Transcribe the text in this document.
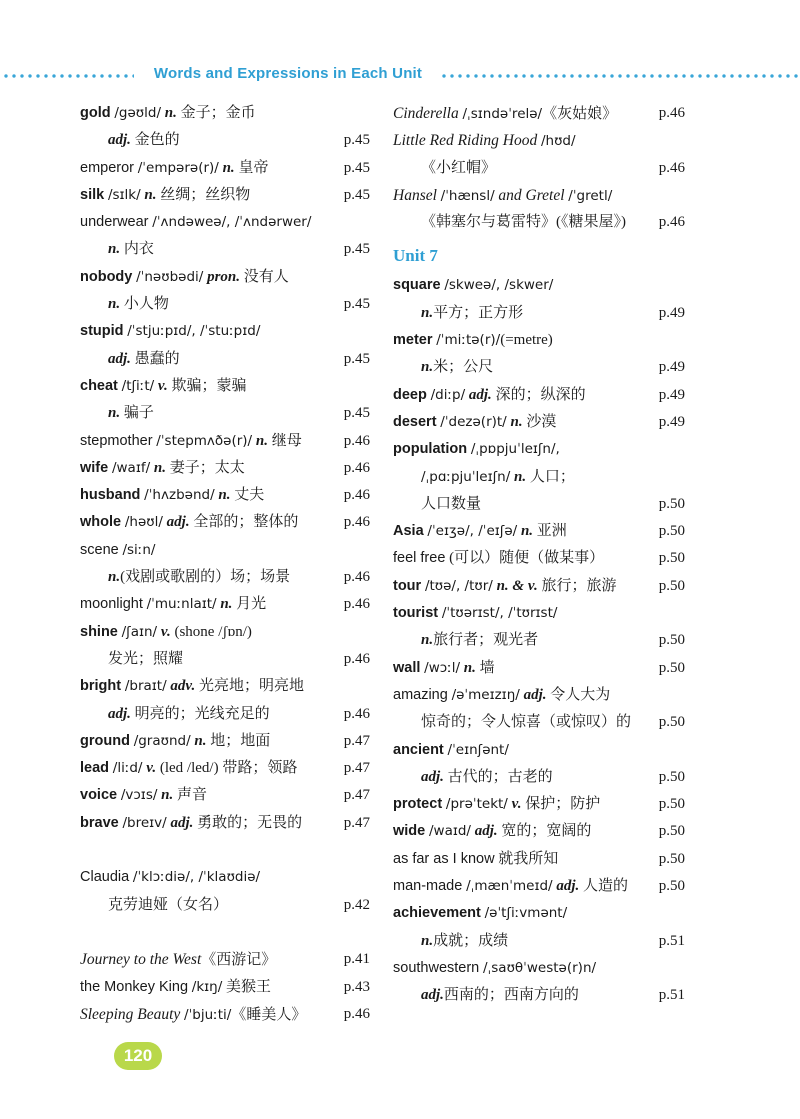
Words and Expressions in Each Unit
gold /gəʊld/ n. 金子；金币
adj. 金色的	p.45
emperor /ˈempərə(r)/ n. 皇帝	p.45
silk /sɪlk/ n. 丝绸；丝织物	p.45
underwear /ˈʌndəweə/, /ˈʌndərwer/
n. 内衣	p.45
nobody /ˈnəʊbədi/ pron. 没有人
n. 小人物	p.45
stupid /ˈstjuːpɪd/, /ˈstuːpɪd/
adj. 愚蠢的	p.45
cheat /tʃiːt/ v. 欺骗；蒙骗
n. 骗子	p.45
stepmother /ˈstepmʌðə(r)/ n. 继母	p.46
wife /waɪf/ n. 妻子；太太	p.46
husband /ˈhʌzbənd/ n. 丈夫	p.46
whole /həʊl/ adj. 全部的；整体的	p.46
scene /siːn/
n.(戏剧或歌剧的）场；场景	p.46
moonlight /ˈmuːnlaɪt/ n. 月光	p.46
shine /ʃaɪn/ v. (shone /ʃɒn/)
发光；照耀	p.46
bright /braɪt/ adv. 光亮地；明亮地
adj. 明亮的；光线充足的	p.46
ground /graʊnd/ n. 地；地面	p.47
lead /liːd/ v. (led /led/) 带路；领路	p.47
voice /vɔɪs/ n. 声音	p.47
brave /breɪv/ adj. 勇敢的；无畏的	p.47
Claudia /ˈklɔːdiə/, /ˈklaʊdiə/
克劳迪娅（女名）	p.42
Journey to the West《西游记》	p.41
the Monkey King /kɪŋ/ 美猴王	p.43
Sleeping Beauty /ˈbjuːti/《睡美人》 p.46
Cinderella /ˌsɪndəˈrelə/《灰姑娘》	p.46
Little Red Riding Hood /hʊd/
《小红帽》	p.46
Hansel /ˈhænsl/ and Gretel /ˈgretl/
《韩塞尔与葛雷特》(《糖果屋》) p.46
Unit 7
square /skweə/, /skwer/
n.平方；正方形	p.49
meter /ˈmiːtə(r)/(=metre)
n.米；公尺	p.49
deep /diːp/ adj. 深的；纵深的	p.49
desert /ˈdezə(r)t/ n. 沙漠	p.49
population /ˌpɒpjuˈleɪʃn/,
/ˌpɑːpjuˈleɪʃn/ n. 人口；
人口数量	p.50
Asia /ˈeɪʒə/, /ˈeɪʃə/ n. 亚洲	p.50
feel free (可以）随便（做某事）	p.50
tour /tʊə/, /tʊr/ n. & v. 旅行；旅游	p.50
tourist /ˈtʊərɪst/, /ˈtʊrɪst/
n.旅行者；观光者	p.50
wall /wɔːl/ n. 墙	p.50
amazing /əˈmeɪzɪŋ/ adj. 令人大为
惊奇的；令人惊喜（或惊叹）的 p.50
ancient /ˈeɪnʃənt/
adj. 古代的；古老的	p.50
protect /prəˈtekt/ v. 保护；防护	p.50
wide /waɪd/ adj. 宽的；宽阔的	p.50
as far as I know 就我所知	p.50
man-made /ˌmænˈmeɪd/ adj. 人造的 p.50
achievement /əˈtʃiːvmənt/
n.成就；成绩	p.51
southwestern /ˌsaʊθˈwestə(r)n/
adj.西南的；西南方向的	p.51
120
